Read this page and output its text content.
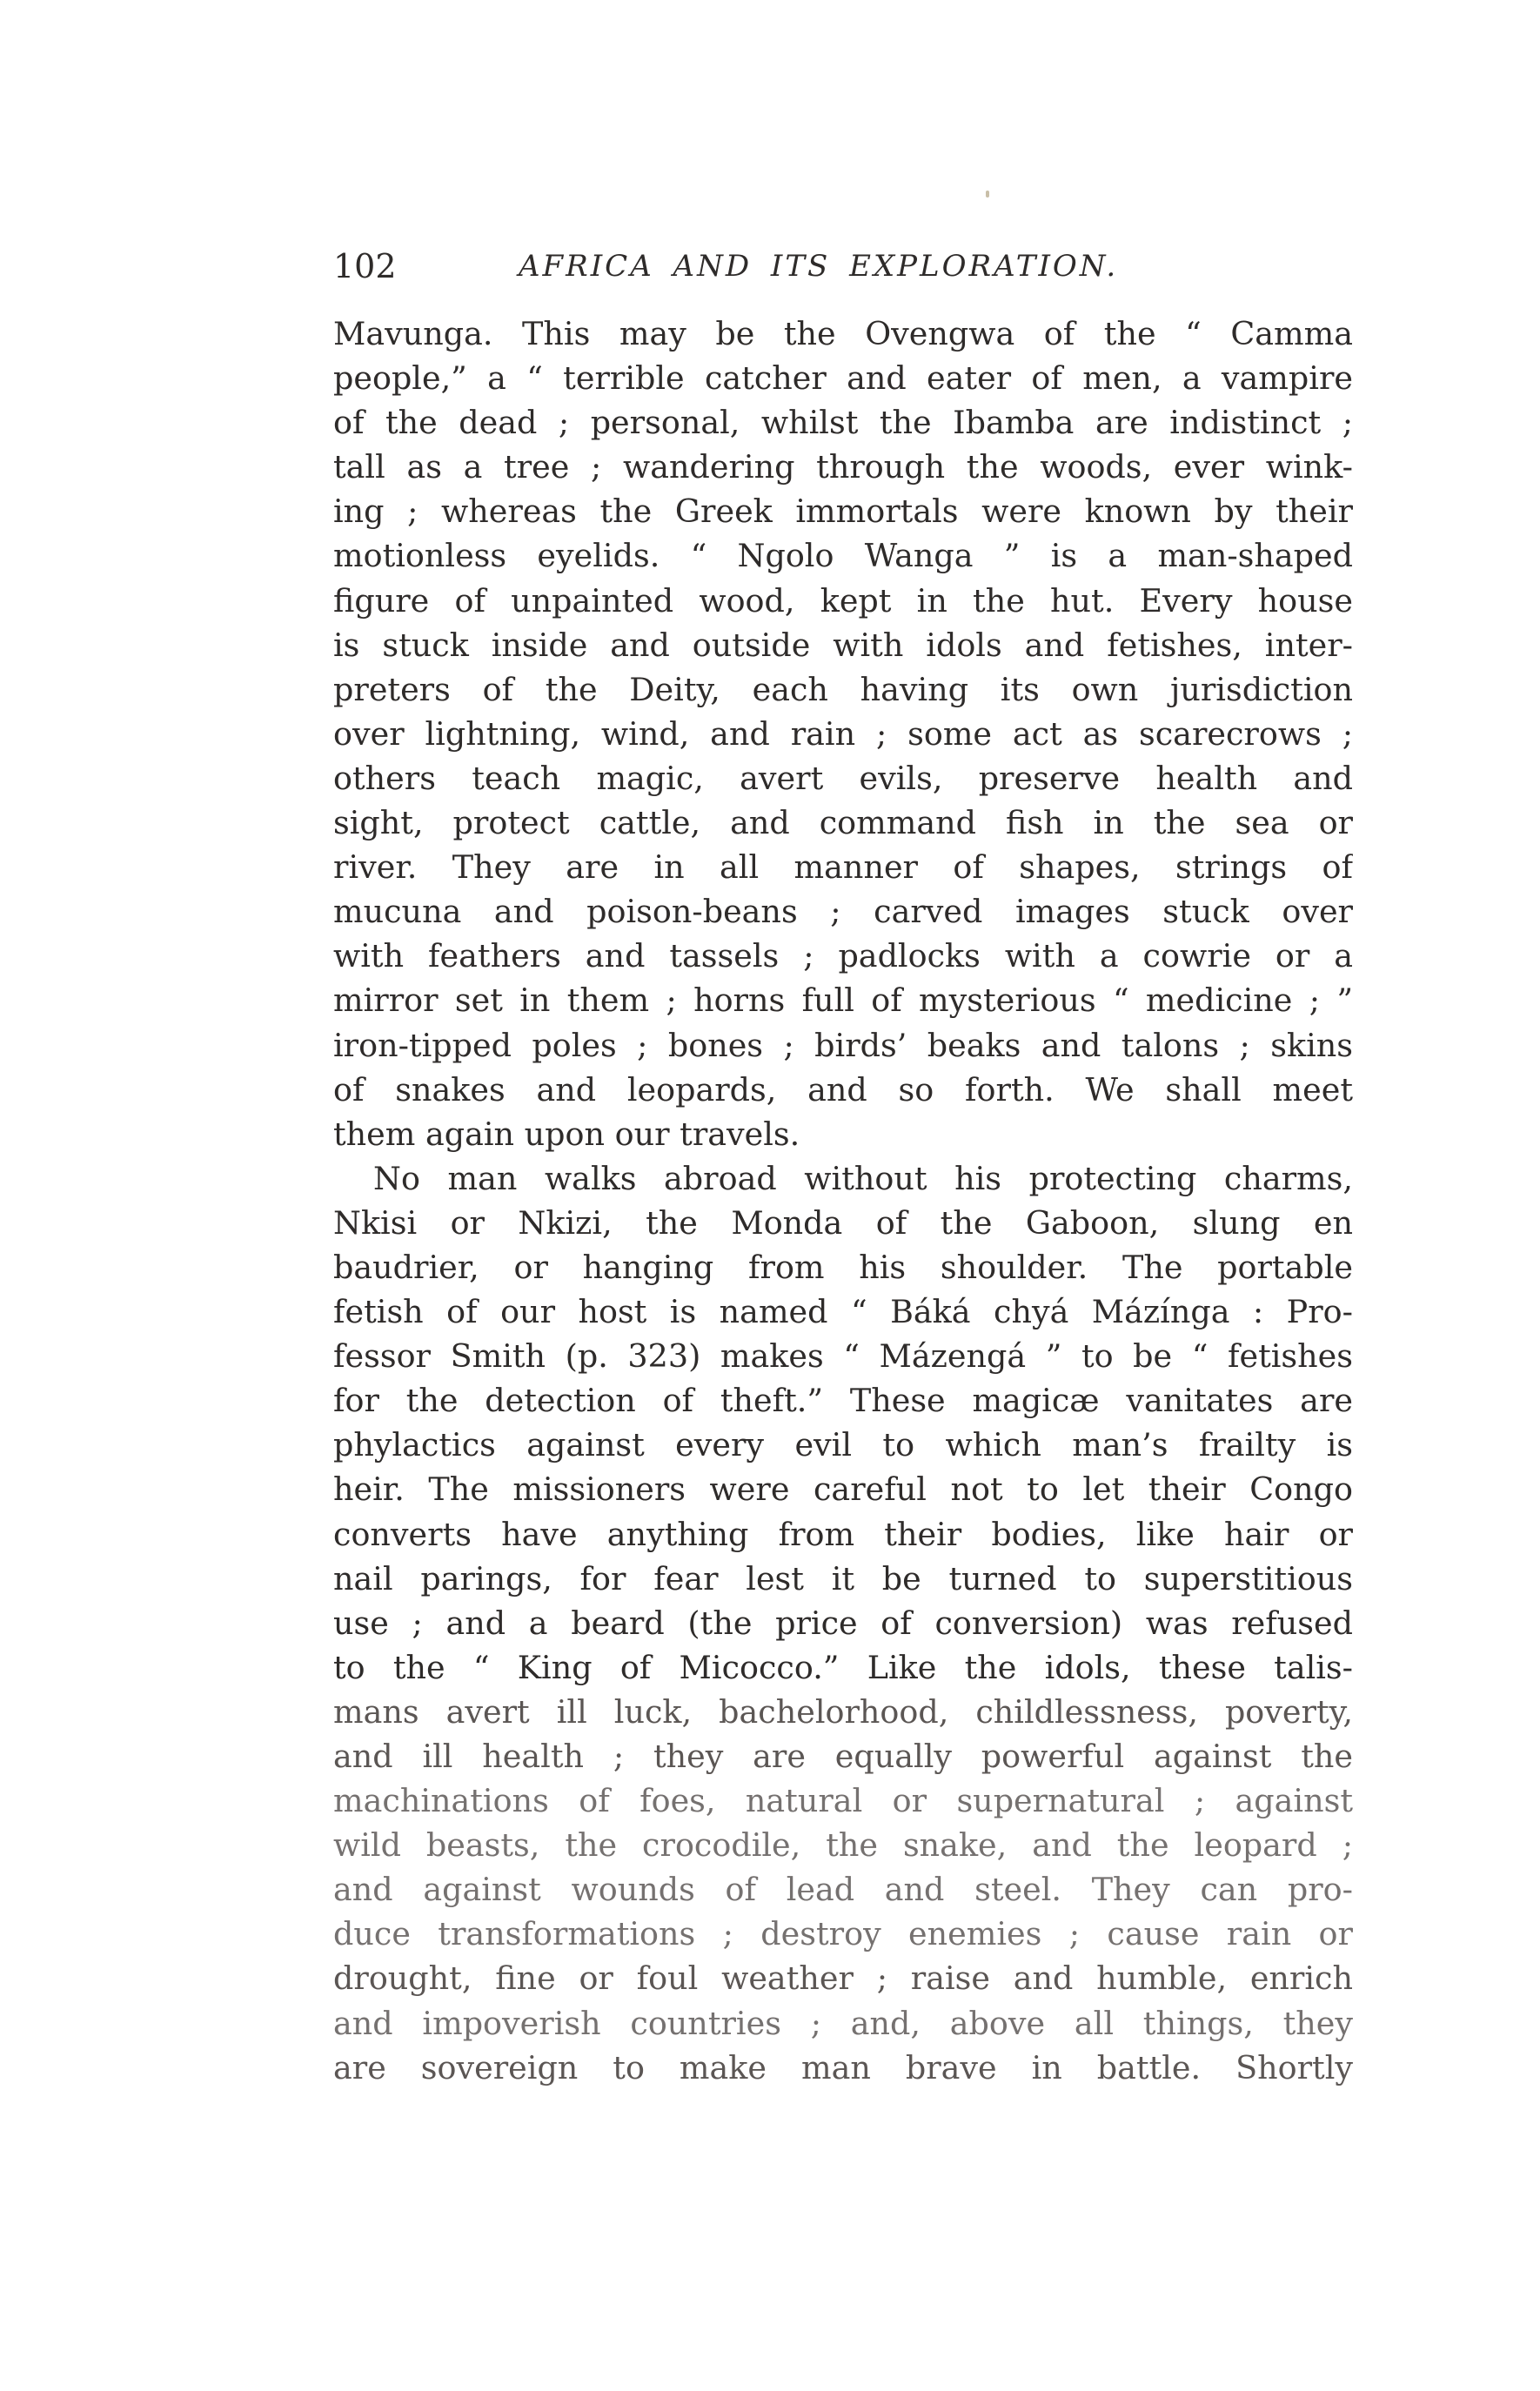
102	AFRICA AND ITS EXPLORATION.
Mavunga. This may be the Ovengwa of the “ Camma
people,” a “ terrible catcher and eater of men, a vampire
of the dead ; personal, whilst the Ibamba are indistinct ;
tall as a tree ; wandering through the woods, ever wink-
ing ; whereas the Greek immortals were known by their
motionless eyelids. “ Ngolo Wanga ” is a man-shaped
figure of unpainted wood, kept in the hut. Every house
is stuck inside and outside with idols and fetishes, inter-
preters of the Deity, each having its own jurisdiction
over lightning, wind, and rain ; some act as scarecrows ;
others teach magic, avert evils, preserve health and
sight, protect cattle, and command fish in the sea or
river. They are in all manner of shapes, strings of
mucuna and poison-beans ; carved images stuck over
with feathers and tassels ; padlocks with a cowrie or a
mirror set in them ; horns full of mysterious “ medicine ; ”
iron-tipped poles ; bones ; birds’ beaks and talons ; skins
of snakes and leopards, and so forth. We shall meet
them again upon our travels.
No man walks abroad without his protecting charms,
Nkisi or Nkizi, the Monda of the Gaboon, slung en
baudrier, or hanging from his shoulder. The portable
fetish of our host is named “ Báká chyá Mázínga : Pro-
fessor Smith (p. 323) makes “ Mázengá ” to be “ fetishes
for the detection of theft.” These magicæ vanitates are
phylactics against every evil to which man’s frailty is
heir. The missioners were careful not to let their Congo
converts have anything from their bodies, like hair or
nail parings, for fear lest it be turned to superstitious
use ; and a beard (the price of conversion) was refused
to the “ King of Micocco.” Like the idols, these talis-
mans avert ill luck, bachelorhood, childlessness, poverty,
and ill health ; they are equally powerful against the
machinations of foes, natural or supernatural ; against
wild beasts, the crocodile, the snake, and the leopard ;
and against wounds of lead and steel. They can pro-
duce transformations ; destroy enemies ; cause rain or
drought, fine or foul weather ; raise and humble, enrich
and impoverish countries ; and, above all things, they
are sovereign to make man brave in battle. Shortly
